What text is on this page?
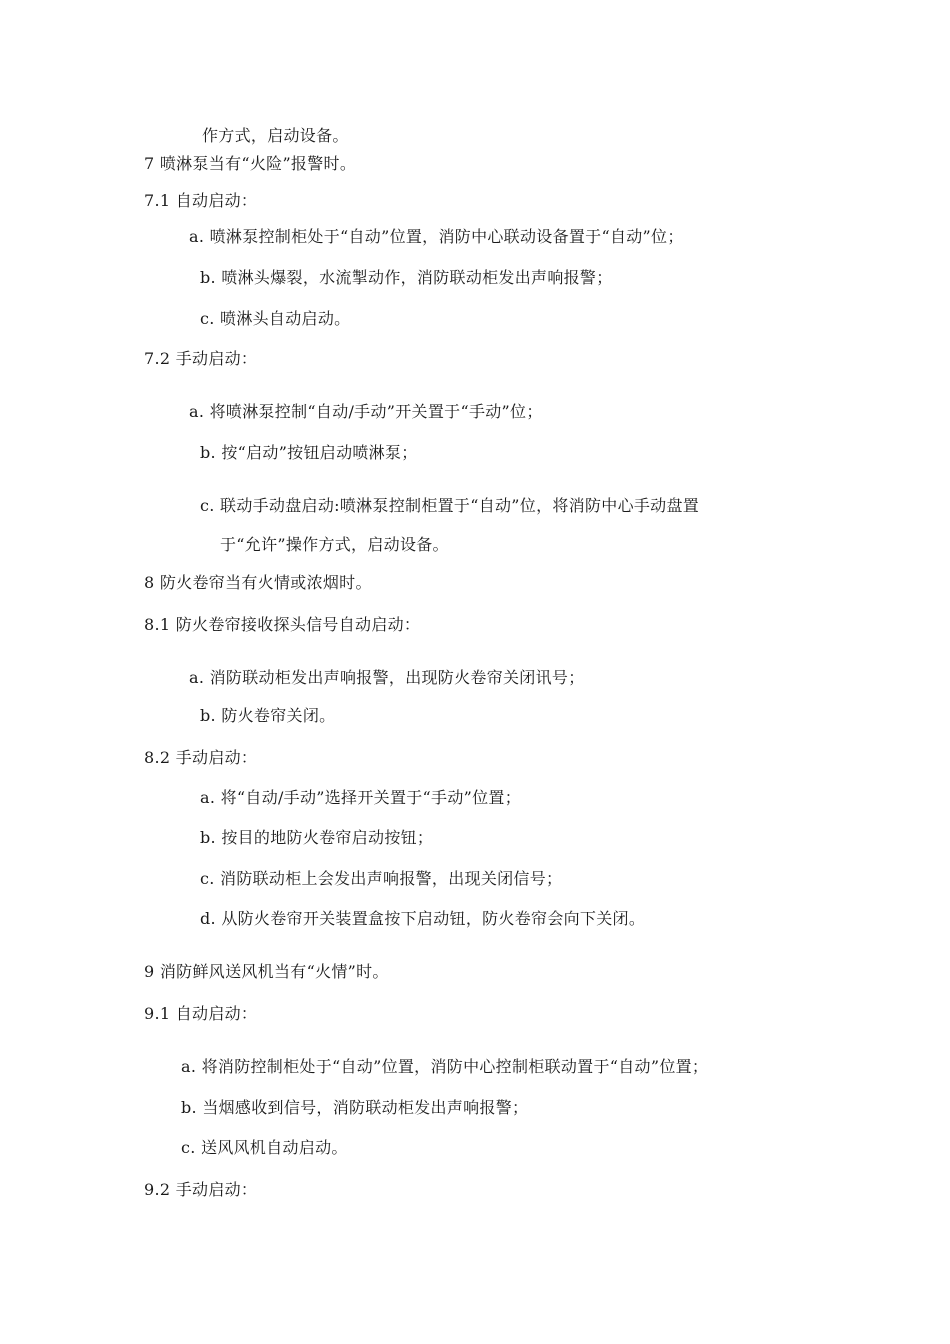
作方式，启动设备。
7 喷淋泵当有“火险”报警时。
7.1 自动启动：
a. 喷淋泵控制柜处于“自动”位置，消防中心联动设备置于“自动”位；
b. 喷淋头爆裂，水流掣动作，消防联动柜发出声响报警；
c. 喷淋头自动启动。
7.2 手动启动：
a. 将喷淋泵控制“自动/手动”开关置于“手动”位；
b. 按“启动”按钮启动喷淋泵；
c. 联动手动盘启动:喷淋泵控制柜置于“自动”位，将消防中心手动盘置
于“允许”操作方式，启动设备。
8 防火卷帘当有火情或浓烟时。
8.1 防火卷帘接收探头信号自动启动：
a. 消防联动柜发出声响报警，出现防火卷帘关闭讯号；
b. 防火卷帘关闭。
8.2 手动启动：
a. 将“自动/手动”选择开关置于“手动”位置；
b. 按目的地防火卷帘启动按钮；
c. 消防联动柜上会发出声响报警，出现关闭信号；
d. 从防火卷帘开关装置盒按下启动钮，防火卷帘会向下关闭。
9 消防鲜风送风机当有“火情”时。
9.1 自动启动：
a. 将消防控制柜处于“自动”位置，消防中心控制柜联动置于“自动”位置；
b. 当烟感收到信号，消防联动柜发出声响报警；
c. 送风风机自动启动。
9.2 手动启动：
